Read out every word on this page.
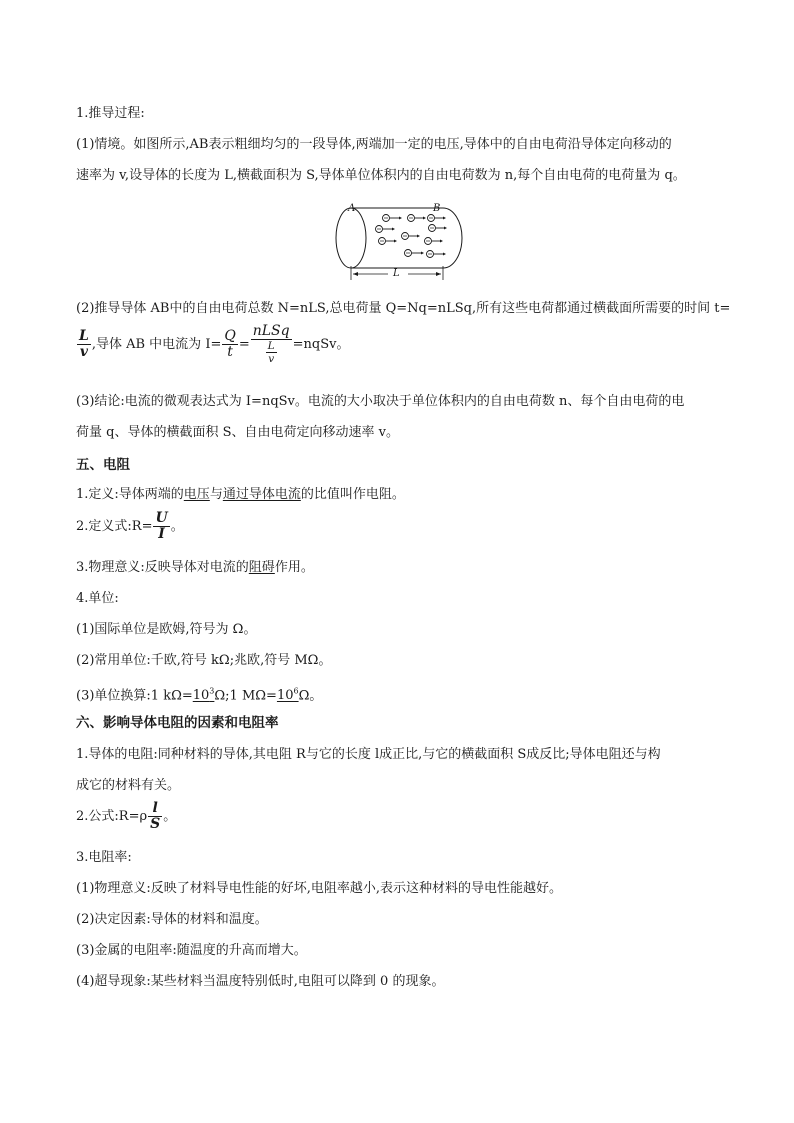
1.推导过程:
(1)情境。如图所示,AB表示粗细均匀的一段导体,两端加一定的电压,导体中的自由电荷沿导体定向移动的
速率为 v,设导体的长度为 L,横截面积为 S,导体单位体积内的自由电荷数为 n,每个自由电荷的电荷量为 q。
A	B
L
(2)推导导体 AB中的自由电荷总数 N=nLS,总电荷量 Q=Nq=nLSq,所有这些电荷都通过横截面所需要的时间 t=
$\frac{L}{v}$ ,导体 AB 中电流为 $I= \frac{Q}{t} = \frac{\text{nLSq}}{\frac{L}{v}}$ =nqSv。
(3)结论:电流的微观表达式为 I=nqSv。电流的大小取决于单位体积内的自由电荷数 n、每个自由电荷的电
荷量 q、导体的横截面积 S、自由电荷定向移动速率 v。
五、电阻
1.定义:导体两端的电压与通过导体电流的比值叫作电阻。
2.定义式:R= $\frac{U}{I}$ 。
3.物理意义:反映导体对电流的阻碍作用。
4.单位:
(1)国际单位是欧姆,符号为 Ω。
(2)常用单位:千欧,符号 kΩ;兆欧,符号 MΩ。
(3)单位换算:1 $k\Omega=10^3\Omega;1$ $M\Omega=10^6\Omega$。
六、影响导体电阻的因素和电阻率
1.导体的电阻:同种材料的导体,其电阻 R与它的长度 l成正比,与它的横截面积 S成反比;导体电阻还与构
成它的材料有关。
2.公式:R=ρ $\frac{l}{S}$ 。
3.电阻率:
(1)物理意义:反映了材料导电性能的好坏,电阻率越小,表示这种材料的导电性能越好。
(2)决定因素:导体的材料和温度。
(3)金属的电阻率:随温度的升高而增大。
(4)超导现象:某些材料当温度特别低时,电阻可以降到 0 的现象。
